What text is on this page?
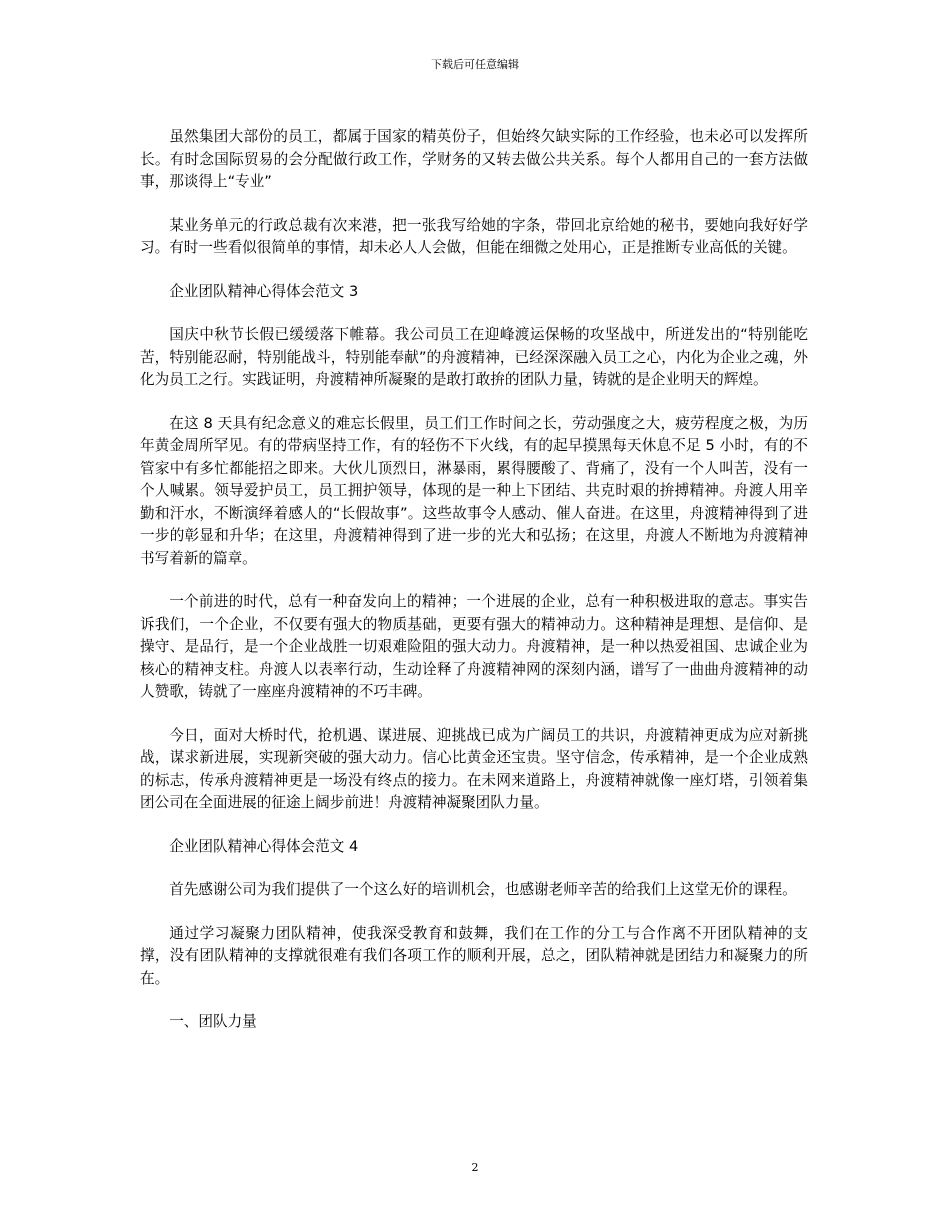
下载后可任意编辑

虽然集团大部份的员工，都属于国家的精英份子，但始终欠缺实际的工作经验，也未必可以发挥所长。有时念国际贸易的会分配做行政工作，学财务的又转去做公共关系。每个人都用自己的一套方法做事，那谈得上“专业”

某业务单元的行政总裁有次来港，把一张我写给她的字条，带回北京给她的秘书，要她向我好好学习。有时一些看似很简单的事情，却未必人人会做，但能在细微之处用心，正是推断专业高低的关键。

企业团队精神心得体会范文 3

国庆中秋节长假已缓缓落下帷幕。我公司员工在迎峰渡运保畅的攻坚战中，所迸发出的“特别能吃苦，特别能忍耐，特别能战斗，特别能奉献”的舟渡精神，已经深深融入员工之心，内化为企业之魂，外化为员工之行。实践证明，舟渡精神所凝聚的是敢打敢拚的团队力量，铸就的是企业明天的辉煌。

在这 8 天具有纪念意义的难忘长假里，员工们工作时间之长，劳动强度之大，疲劳程度之极，为历年黄金周所罕见。有的带病坚持工作，有的轻伤不下火线，有的起早摸黑每天休息不足 5 小时，有的不管家中有多忙都能招之即来。大伙儿顶烈日，淋暴雨，累得腰酸了、背痛了，没有一个人叫苦，没有一个人喊累。领导爱护员工，员工拥护领导，体现的是一种上下团结、共克时艰的拚搏精神。舟渡人用辛勤和汗水，不断演绎着感人的“长假故事”。这些故事令人感动、催人奋进。在这里，舟渡精神得到了进一步的彰显和升华；在这里，舟渡精神得到了进一步的光大和弘扬；在这里，舟渡人不断地为舟渡精神书写着新的篇章。

一个前进的时代，总有一种奋发向上的精神；一个进展的企业，总有一种积极进取的意志。事实告诉我们，一个企业，不仅要有强大的物质基础，更要有强大的精神动力。这种精神是理想、是信仰、是操守、是品行，是一个企业战胜一切艰难险阻的强大动力。舟渡精神，是一种以热爱祖国、忠诚企业为核心的精神支柱。舟渡人以表率行动，生动诠释了舟渡精神网的深刻内涵，谱写了一曲曲舟渡精神的动人赞歌，铸就了一座座舟渡精神的不巧丰碑。

今日，面对大桥时代，抢机遇、谋进展、迎挑战已成为广阔员工的共识，舟渡精神更成为应对新挑战，谋求新进展，实现新突破的强大动力。信心比黄金还宝贵。坚守信念，传承精神，是一个企业成熟的标志，传承舟渡精神更是一场没有终点的接力。在未网来道路上，舟渡精神就像一座灯塔，引领着集团公司在全面进展的征途上阔步前进！舟渡精神凝聚团队力量。

企业团队精神心得体会范文 4

首先感谢公司为我们提供了一个这么好的培训机会，也感谢老师辛苦的给我们上这堂无价的课程。

通过学习凝聚力团队精神，使我深受教育和鼓舞，我们在工作的分工与合作离不开团队精神的支撑，没有团队精神的支撑就很难有我们各项工作的顺利开展，总之，团队精神就是团结力和凝聚力的所在。

一、团队力量

2
